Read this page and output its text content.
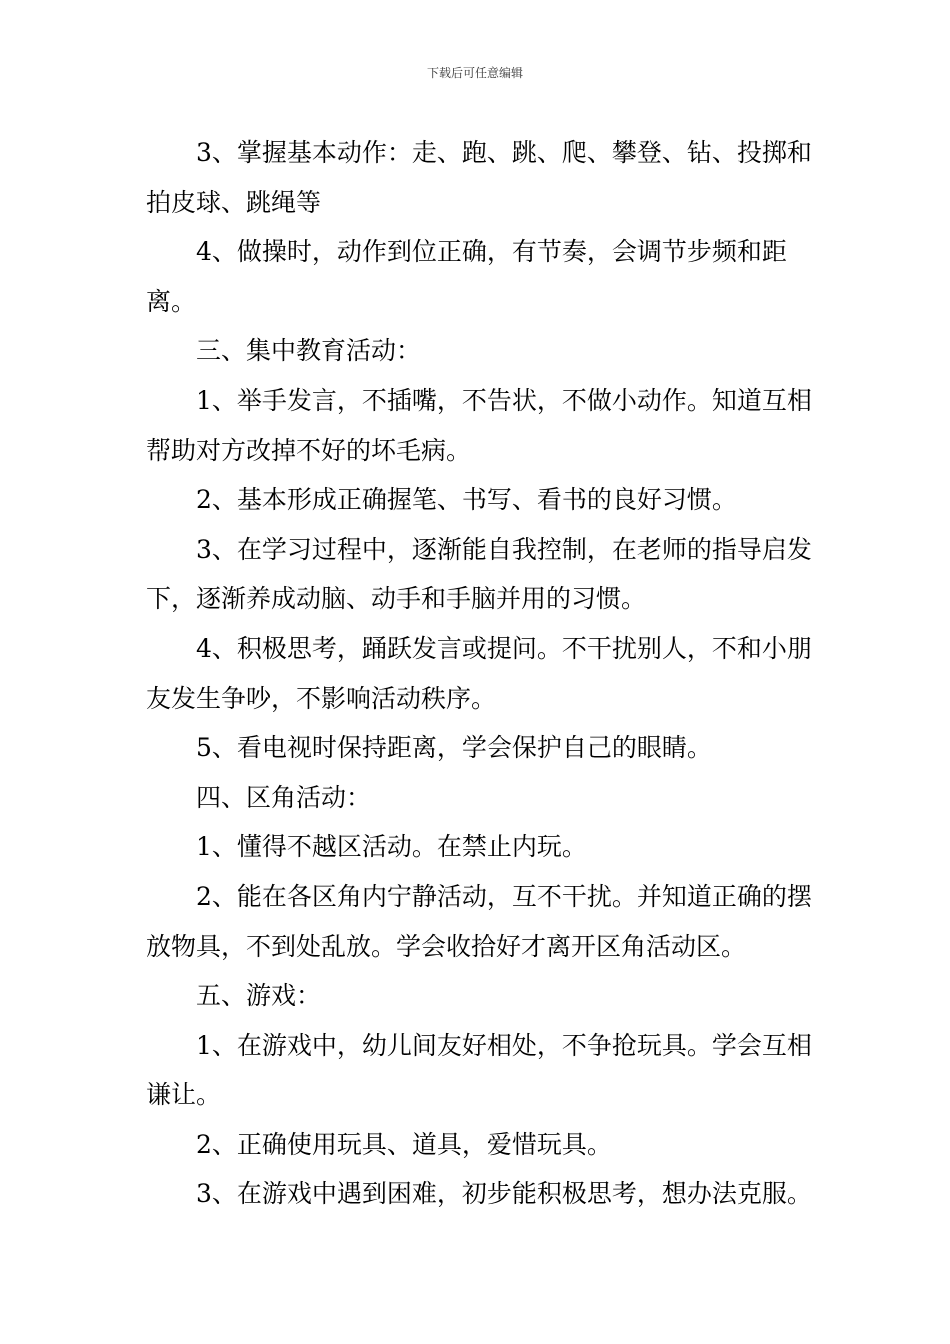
下载后可任意编辑

3、掌握基本动作：走、跑、跳、爬、攀登、钻、投掷和拍皮球、跳绳等

4、做操时，动作到位正确，有节奏，会调节步频和距离。

三、集中教育活动：

1、举手发言，不插嘴，不告状，不做小动作。知道互相帮助对方改掉不好的坏毛病。

2、基本形成正确握笔、书写、看书的良好习惯。

3、在学习过程中，逐渐能自我控制，在老师的指导启发下，逐渐养成动脑、动手和手脑并用的习惯。

4、积极思考，踊跃发言或提问。不干扰别人，不和小朋友发生争吵，不影响活动秩序。

5、看电视时保持距离，学会保护自己的眼睛。

四、区角活动：

1、懂得不越区活动。在禁止内玩。

2、能在各区角内宁静活动，互不干扰。并知道正确的摆放物具，不到处乱放。学会收拾好才离开区角活动区。

五、游戏：

1、在游戏中，幼儿间友好相处，不争抢玩具。学会互相谦让。

2、正确使用玩具、道具，爱惜玩具。

3、在游戏中遇到困难，初步能积极思考，想办法克服。
